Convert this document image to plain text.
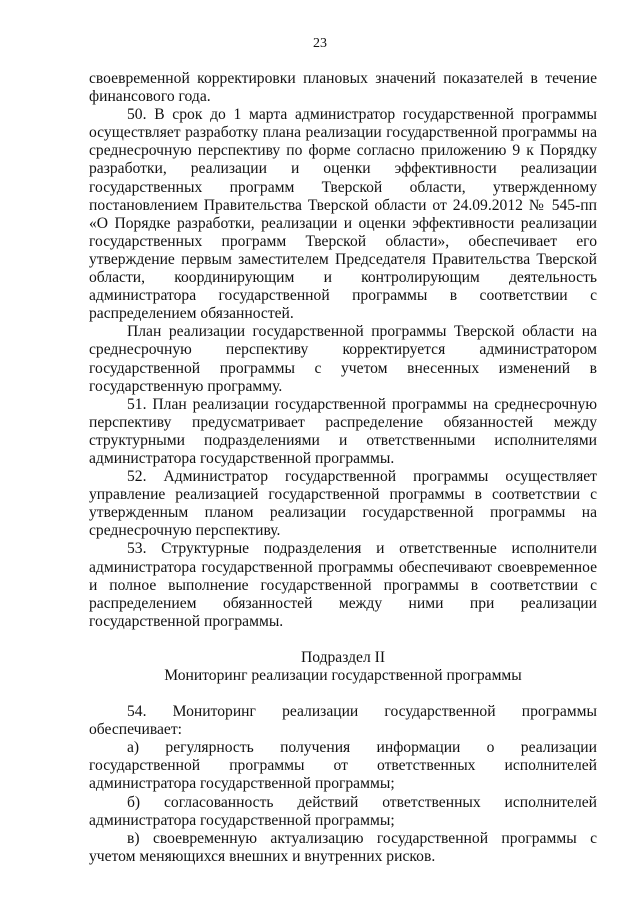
23

своевременной корректировки плановых значений показателей в течение финансового года.

50. В срок до 1 марта администратор государственной программы осуществляет разработку плана реализации государственной программы на среднесрочную перспективу по форме согласно приложению 9 к Порядку разработки, реализации и оценки эффективности реализации государственных программ Тверской области, утвержденному постановлением Правительства Тверской области от 24.09.2012 № 545-пп «О Порядке разработки, реализации и оценки эффективности реализации государственных программ Тверской области», обеспечивает его утверждение первым заместителем Председателя Правительства Тверской области, координирующим и контролирующим деятельность администратора государственной программы в соответствии с распределением обязанностей.

План реализации государственной программы Тверской области на среднесрочную перспективу корректируется администратором государственной программы с учетом внесенных изменений в государственную программу.

51. План реализации государственной программы на среднесрочную перспективу предусматривает распределение обязанностей между структурными подразделениями и ответственными исполнителями администратора государственной программы.

52. Администратор государственной программы осуществляет управление реализацией государственной программы в соответствии с утвержденным планом реализации государственной программы на среднесрочную перспективу.

53. Структурные подразделения и ответственные исполнители администратора государственной программы обеспечивают своевременное и полное выполнение государственной программы в соответствии с распределением обязанностей между ними при реализации государственной программы.

Подраздел II

Мониторинг реализации государственной программы

54. Мониторинг реализации государственной программы обеспечивает:

а) регулярность получения информации о реализации государственной программы от ответственных исполнителей администратора государственной программы;

б) согласованность действий ответственных исполнителей администратора государственной программы;

в) своевременную актуализацию государственной программы с учетом меняющихся внешних и внутренних рисков.
